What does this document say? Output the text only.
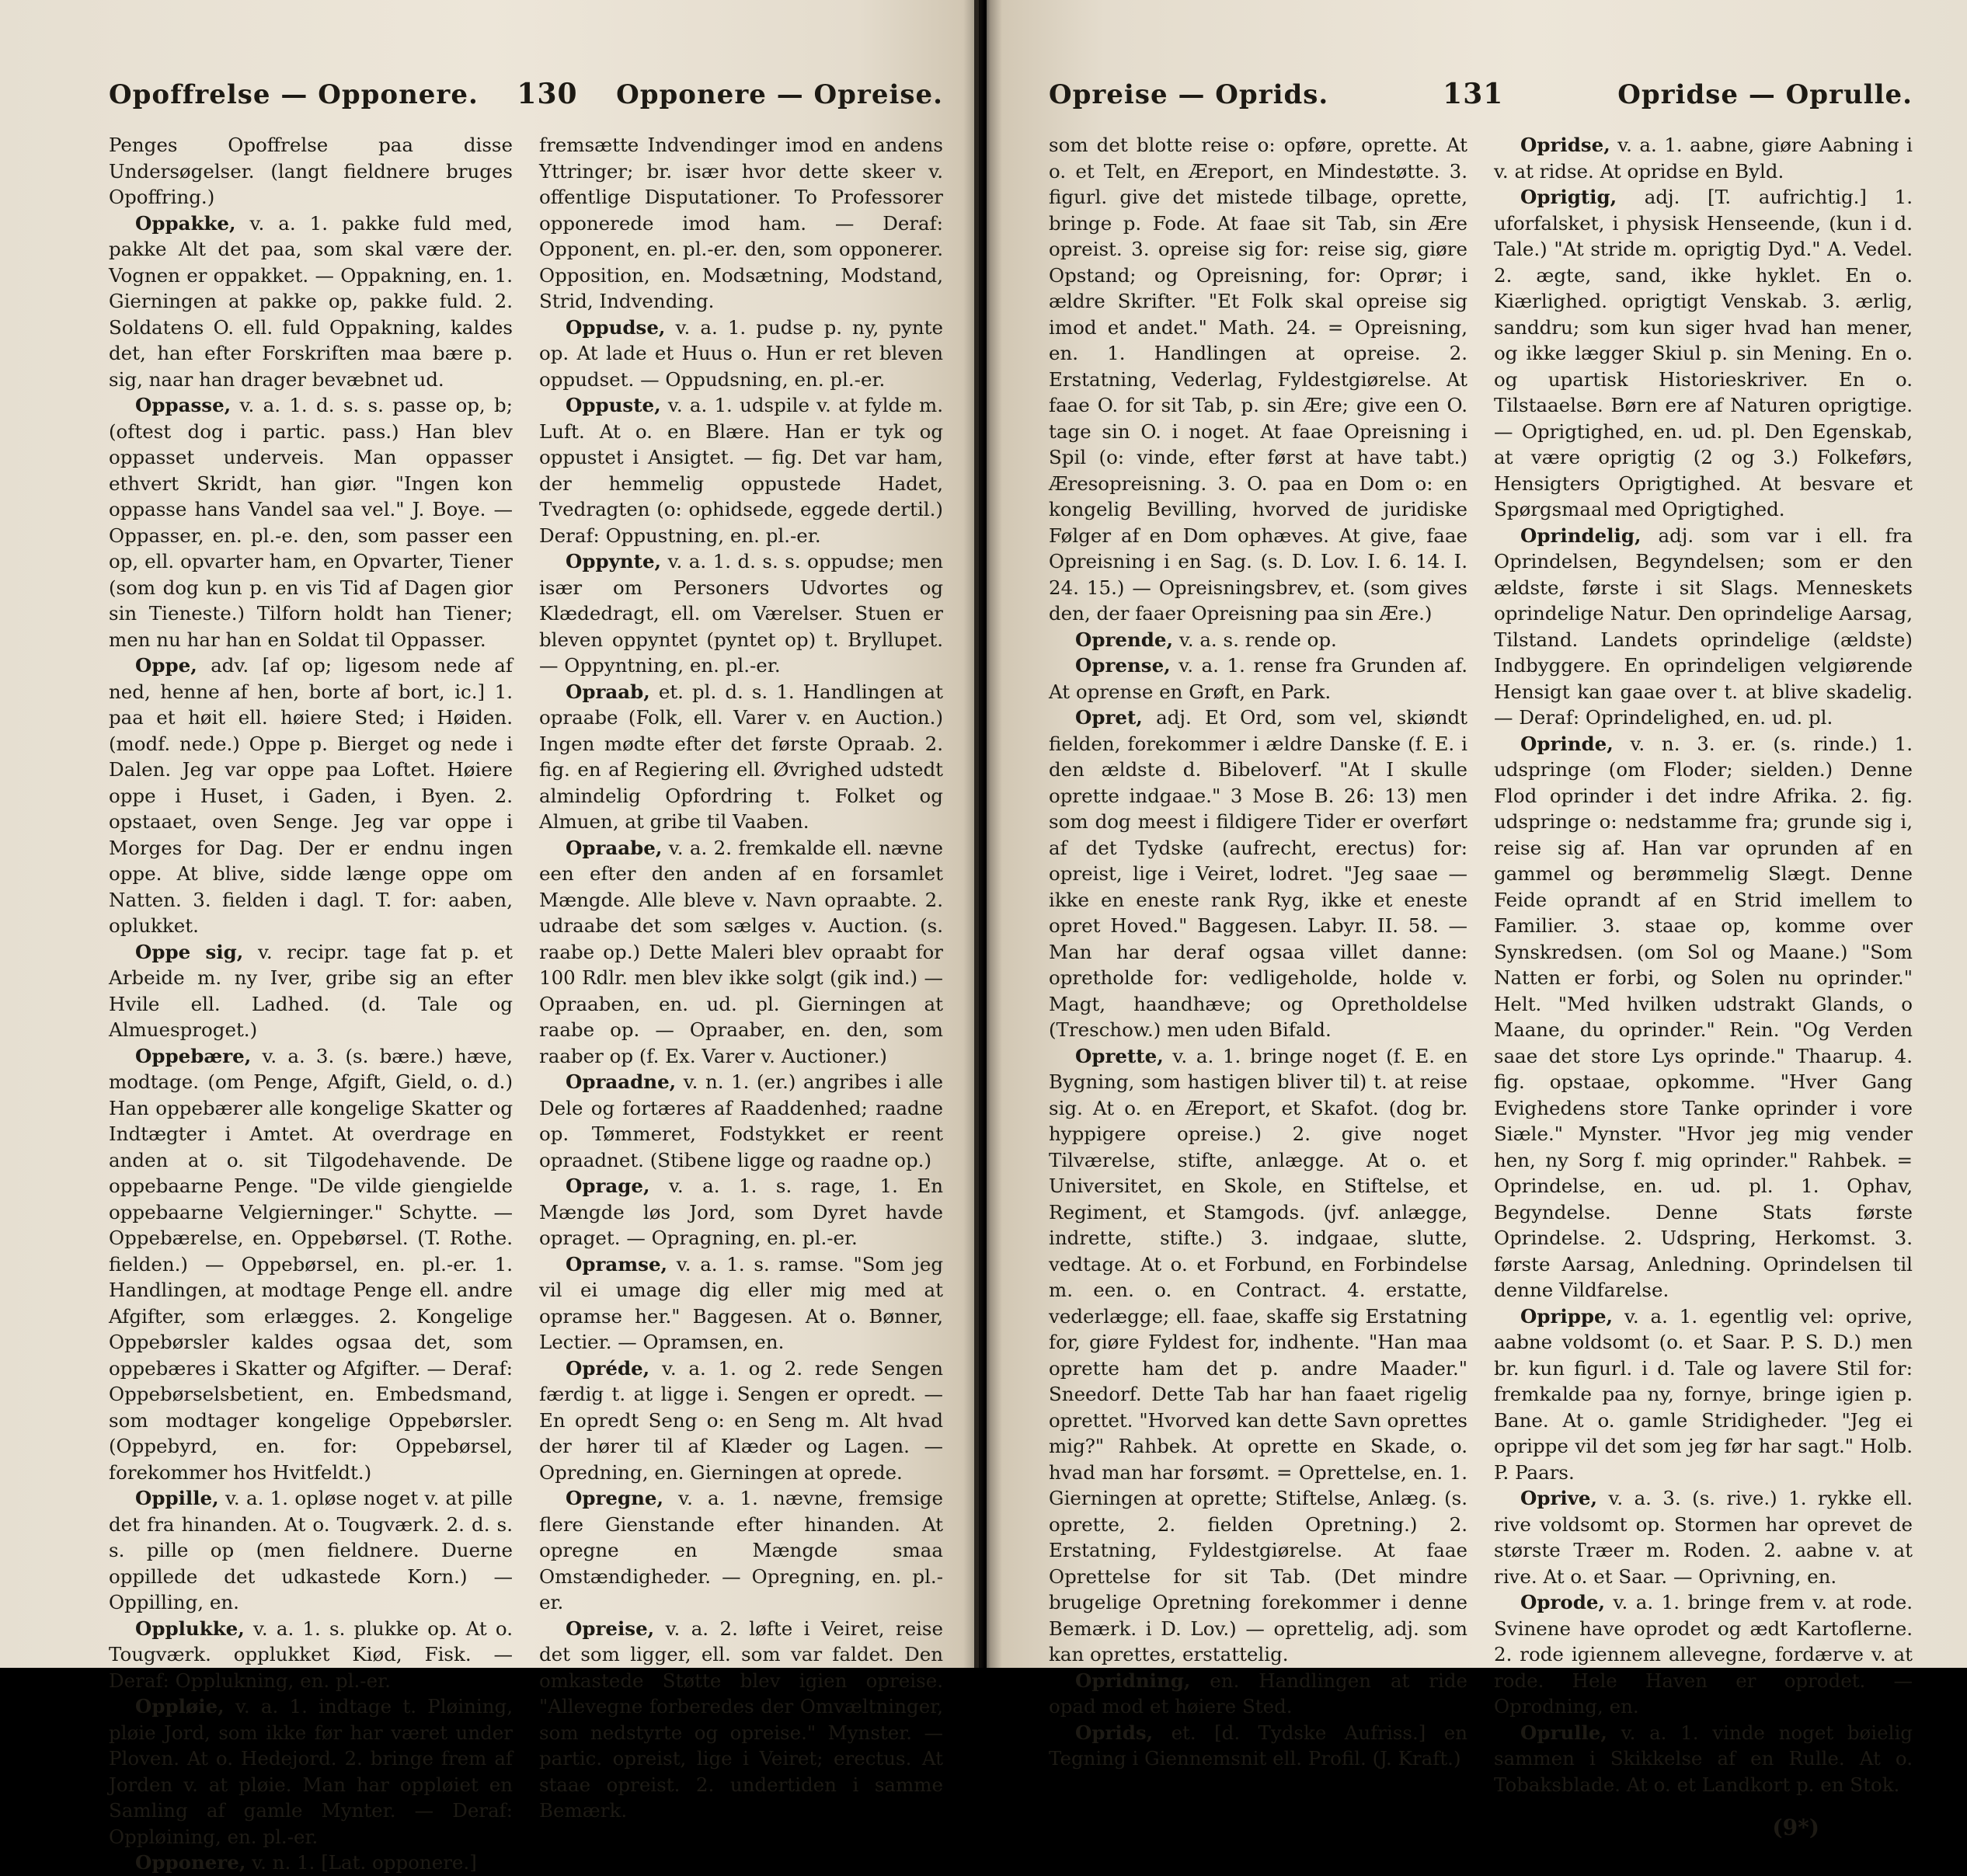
Opoffrelse — Opponere. 130 Opponere — Opreise.

Penges Opoffrelse paa disse Undersøgelser. (langt fieldnere bruges Opoffring.)

Oppakke, v. a. 1. pakke fuld med, pakke Alt det paa, som skal være der. Vognen er oppakket. — Oppakning, en. 1. Gierningen at pakke op, pakke fuld. 2. Soldatens O. ell. fuld Oppakning, kaldes det, han efter Forskriften maa bære p. sig, naar han drager bevæbnet ud.

Oppasse, v. a. 1. d. s. s. passe op, b; (oftest dog i partic. pass.) Han blev oppasset underveis. Man oppasser ethvert Skridt, han giør. "Ingen kon oppasse hans Vandel saa vel." J. Boye. — Oppasser, en. pl.-e. den, som passer een op, ell. opvarter ham, en Opvarter, Tiener (som dog kun p. en vis Tid af Dagen gior sin Tieneste.) Tilforn holdt han Tiener; men nu har han en Soldat til Oppasser.

Oppe, adv. [af op; ligesom nede af ned, henne af hen, borte af bort, ic.] 1. paa et høit ell. høiere Sted; i Høiden. (modf. nede.) Oppe p. Bierget og nede i Dalen. Jeg var oppe paa Loftet. Høiere oppe i Huset, i Gaden, i Byen. 2. opstaaet, oven Senge. Jeg var oppe i Morges for Dag. Der er endnu ingen oppe. At blive, sidde længe oppe om Natten. 3. fielden i dagl. T. for: aaben, oplukket.

Oppe sig, v. recipr. tage fat p. et Arbeide m. ny Iver, gribe sig an efter Hvile ell. Ladhed. (d. Tale og Almuesproget.)

Oppebære, v. a. 3. (s. bære.) hæve, modtage. (om Penge, Afgift, Gield, o. d.) Han oppebærer alle kongelige Skatter og Indtægter i Amtet. At overdrage en anden at o. sit Tilgodehavende. De oppebaarne Penge. "De vilde giengielde oppebaarne Velgierninger." Schytte. — Oppebærelse, en. Oppebørsel. (T. Rothe. fielden.) — Oppebørsel, en. pl.-er. 1. Handlingen, at modtage Penge ell. andre Afgifter, som erlægges. 2. Kongelige Oppebørsler kaldes ogsaa det, som oppebæres i Skatter og Afgifter. — Deraf: Oppebørselsbetient, en. Embedsmand, som modtager kongelige Oppebørsler. (Oppebyrd, en. for: Oppebørsel, forekommer hos Hvitfeldt.)

Oppille, v. a. 1. opløse noget v. at pille det fra hinanden. At o. Tougværk. 2. d. s. s. pille op (men fieldnere. Duerne oppillede det udkastede Korn.) — Oppilling, en.

Opplukke, v. a. 1. s. plukke op. At o. Tougværk. opplukket Kiød, Fisk. — Deraf: Opplukning, en. pl.-er.

Oppløie, v. a. 1. indtage t. Pløining, pløie Jord, som ikke før har været under Ploven. At o. Hedejord. 2. bringe frem af Jorden v. at pløie. Man har oppløiet en Samling af gamle Mynter. — Deraf: Oppløining, en. pl.-er.

Opponere, v. n. 1. [Lat. opponere.]

fremsætte Indvendinger imod en andens Yttringer; br. især hvor dette skeer v. offentlige Disputationer. To Professorer opponerede imod ham. — Deraf: Opponent, en. pl.-er. den, som opponerer. Opposition, en. Modsætning, Modstand, Strid, Indvending.

Oppudse, v. a. 1. pudse p. ny, pynte op. At lade et Huus o. Hun er ret bleven oppudset. — Oppudsning, en. pl.-er.

Oppuste, v. a. 1. udspile v. at fylde m. Luft. At o. en Blære. Han er tyk og oppustet i Ansigtet. — fig. Det var ham, der hemmelig oppustede Hadet, Tvedragten (o: ophidsede, eggede dertil.) Deraf: Oppustning, en. pl.-er.

Oppynte, v. a. 1. d. s. s. oppudse; men især om Personers Udvortes og Klædedragt, ell. om Værelser. Stuen er bleven oppyntet (pyntet op) t. Bryllupet. — Oppyntning, en. pl.-er.

Opraab, et. pl. d. s. 1. Handlingen at opraabe (Folk, ell. Varer v. en Auction.) Ingen mødte efter det første Opraab. 2. fig. en af Regiering ell. Øvrighed udstedt almindelig Opfordring t. Folket og Almuen, at gribe til Vaaben.

Opraabe, v. a. 2. fremkalde ell. nævne een efter den anden af en forsamlet Mængde. Alle bleve v. Navn opraabte. 2. udraabe det som sælges v. Auction. (s. raabe op.) Dette Maleri blev opraabt for 100 Rdlr. men blev ikke solgt (gik ind.) — Opraaben, en. ud. pl. Gierningen at raabe op. — Opraaber, en. den, som raaber op (f. Ex. Varer v. Auctioner.)

Opraadne, v. n. 1. (er.) angribes i alle Dele og fortæres af Raaddenhed; raadne op. Tømmeret, Fodstykket er reent opraadnet. (Stibene ligge og raadne op.)

Oprage, v. a. 1. s. rage, 1. En Mængde løs Jord, som Dyret havde opraget. — Opragning, en. pl.-er.

Opramse, v. a. 1. s. ramse. "Som jeg vil ei umage dig eller mig med at opramse her." Baggesen. At o. Bønner, Lectier. — Opramsen, en.

Opréde, v. a. 1. og 2. rede Sengen færdig t. at ligge i. Sengen er opredt. — En opredt Seng o: en Seng m. Alt hvad der hører til af Klæder og Lagen. — Opredning, en. Gierningen at oprede.

Opregne, v. a. 1. nævne, fremsige flere Gienstande efter hinanden. At opregne en Mængde smaa Omstændigheder. — Opregning, en. pl.-er.

Opreise, v. a. 2. løfte i Veiret, reise det som ligger, ell. som var faldet. Den omkastede Støtte blev igien opreise. "Allevegne forberedes der Omvæltninger, som nedstyrte og opreise." Mynster. — partic. opreist, lige i Veiret; erectus. At staae opreist. 2. undertiden i samme Bemærk.

Opreise — Oprids.	131	Opridse — Oprulle.

som det blotte reise o: opføre, oprette. At o. et Telt, en Æreport, en Mindestøtte. 3. figurl. give det mistede tilbage, oprette, bringe p. Fode. At faae sit Tab, sin Ære opreist. 3. opreise sig for: reise sig, giøre Opstand; og Opreisning, for: Oprør; i ældre Skrifter. "Et Folk skal opreise sig imod et andet." Math. 24. = Opreisning, en. 1. Handlingen at opreise. 2. Erstatning, Vederlag, Fyldestgiørelse. At faae O. for sit Tab, p. sin Ære; give een O. tage sin O. i noget. At faae Opreisning i Spil (o: vinde, efter først at have tabt.) Æresopreisning. 3. O. paa en Dom o: en kongelig Bevilling, hvorved de juridiske Følger af en Dom ophæves. At give, faae Opreisning i en Sag. (s. D. Lov. I. 6. 14. I. 24. 15.) — Opreisningsbrev, et. (som gives den, der faaer Opreisning paa sin Ære.)

Oprende, v. a. s. rende op.

Oprense, v. a. 1. rense fra Grunden af. At oprense en Grøft, en Park.

Opret, adj. Et Ord, som vel, skiøndt fielden, forekommer i ældre Danske (f. E. i den ældste d. Bibeloverf. "At I skulle oprette indgaae." 3 Mose B. 26: 13) men som dog meest i fildigere Tider er overført af det Tydske (aufrecht, erectus) for: opreist, lige i Veiret, lodret. "Jeg saae — ikke en eneste rank Ryg, ikke et eneste opret Hoved." Baggesen. Labyr. II. 58. — Man har deraf ogsaa villet danne: opretholde for: vedligeholde, holde v. Magt, haandhæve; og Opretholdelse (Treschow.) men uden Bifald.

Oprette, v. a. 1. bringe noget (f. E. en Bygning, som hastigen bliver til) t. at reise sig. At o. en Æreport, et Skafot. (dog br. hyppigere opreise.) 2. give noget Tilværelse, stifte, anlægge. At o. et Universitet, en Skole, en Stiftelse, et Regiment, et Stamgods. (jvf. anlægge, indrette, stifte.) 3. indgaae, slutte, vedtage. At o. et Forbund, en Forbindelse m. een. o. en Contract. 4. erstatte, vederlægge; ell. faae, skaffe sig Erstatning for, giøre Fyldest for, indhente. "Han maa oprette ham det p. andre Maader." Sneedorf. Dette Tab har han faaet rigelig oprettet. "Hvorved kan dette Savn oprettes mig?" Rahbek. At oprette en Skade, o. hvad man har forsømt. = Oprettelse, en. 1. Gierningen at oprette; Stiftelse, Anlæg. (s. oprette, 2. fielden Opretning.) 2. Erstatning, Fyldestgiørelse. At faae Oprettelse for sit Tab. (Det mindre brugelige Opretning forekommer i denne Bemærk. i D. Lov.) — oprettelig, adj. som kan oprettes, erstattelig.

Opridning, en. Handlingen at ride opad mod et høiere Sted.

Oprids, et. [d. Tydske Aufriss.] en Tegning i Giennemsnit ell. Profil. (J. Kraft.)

Opridse, v. a. 1. aabne, giøre Aabning i v. at ridse. At opridse en Byld.

Oprigtig, adj. [T. aufrichtig.] 1. uforfalsket, i physisk Henseende, (kun i d. Tale.) "At stride m. oprigtig Dyd." A. Vedel. 2. ægte, sand, ikke hyklet. En o. Kiærlighed. oprigtigt Venskab. 3. ærlig, sanddru; som kun siger hvad han mener, og ikke lægger Skiul p. sin Mening. En o. og upartisk Historieskriver. En o. Tilstaaelse. Børn ere af Naturen oprigtige. — Oprigtighed, en. ud. pl. Den Egenskab, at være oprigtig (2 og 3.) Folkeførs, Hensigters Oprigtighed. At besvare et Spørgsmaal med Oprigtighed.

Oprindelig, adj. som var i ell. fra Oprindelsen, Begyndelsen; som er den ældste, første i sit Slags. Menneskets oprindelige Natur. Den oprindelige Aarsag, Tilstand. Landets oprindelige (ældste) Indbyggere. En oprindeligen velgiørende Hensigt kan gaae over t. at blive skadelig. — Deraf: Oprindelighed, en. ud. pl.

Oprinde, v. n. 3. er. (s. rinde.) 1. udspringe (om Floder; sielden.) Denne Flod oprinder i det indre Afrika. 2. fig. udspringe o: nedstamme fra; grunde sig i, reise sig af. Han var oprunden af en gammel og berømmelig Slægt. Denne Feide oprandt af en Strid imellem to Familier. 3. staae op, komme over Synskredsen. (om Sol og Maane.) "Som Natten er forbi, og Solen nu oprinder." Helt. "Med hvilken udstrakt Glands, o Maane, du oprinder." Rein. "Og Verden saae det store Lys oprinde." Thaarup. 4. fig. opstaae, opkomme. "Hver Gang Evighedens store Tanke oprinder i vore Siæle." Mynster. "Hvor jeg mig vender hen, ny Sorg f. mig oprinder." Rahbek. = Oprindelse, en. ud. pl. 1. Ophav, Begyndelse. Denne Stats første Oprindelse. 2. Udspring, Herkomst. 3. første Aarsag, Anledning. Oprindelsen til denne Vildfarelse.

Oprippe, v. a. 1. egentlig vel: oprive, aabne voldsomt (o. et Saar. P. S. D.) men br. kun figurl. i d. Tale og lavere Stil for: fremkalde paa ny, fornye, bringe igien p. Bane. At o. gamle Stridigheder. "Jeg ei oprippe vil det som jeg før har sagt." Holb. P. Paars.

Oprive, v. a. 3. (s. rive.) 1. rykke ell. rive voldsomt op. Stormen har oprevet de største Træer m. Roden. 2. aabne v. at rive. At o. et Saar. — Oprivning, en.

Oprode, v. a. 1. bringe frem v. at rode. Svinene have oprodet og ædt Kartoflerne. 2. rode igiennem allevegne, fordærve v. at rode. Hele Haven er oprodet. — Oprodning, en.

Oprulle, v. a. 1. vinde noget bøielig sammen i Skikkelse af en Rulle. At o. Tobaksblade. At o. et Landkort p. en Stok.

(9*)
